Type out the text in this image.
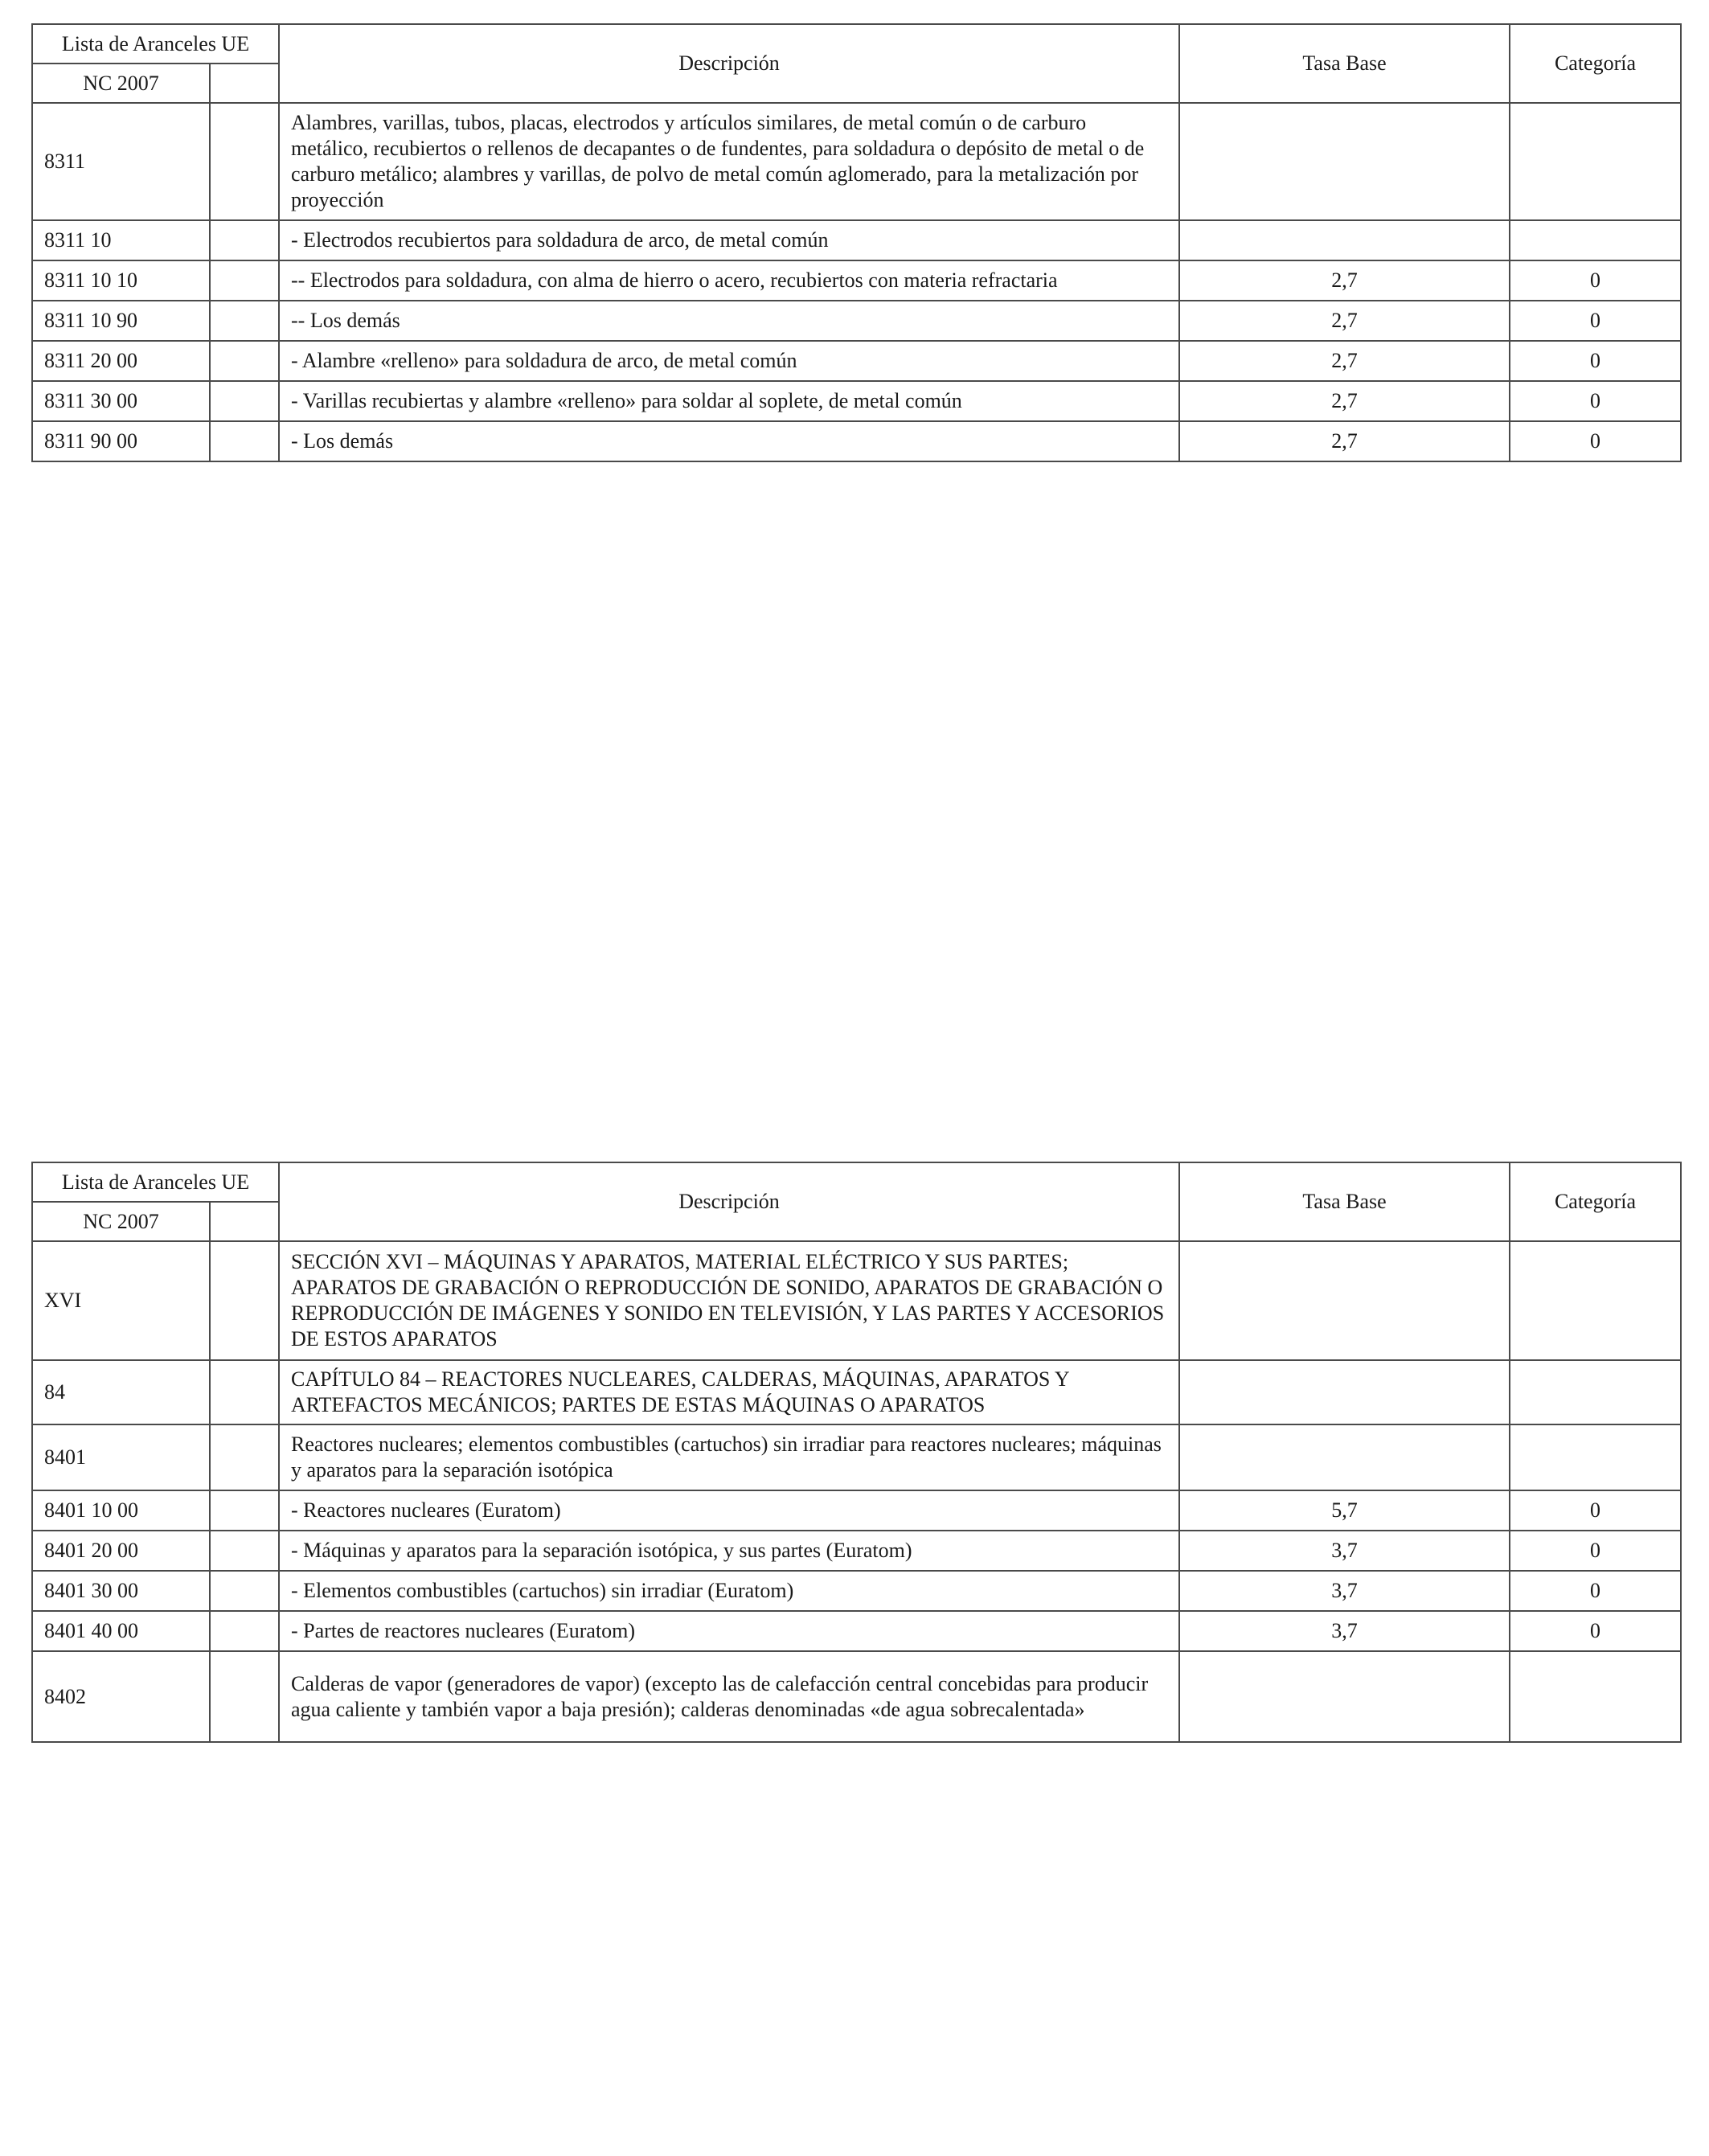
Lista de Aranceles UE		Descripción	Tasa Base	Categoría
NC 2007				
8311		Alambres, varillas, tubos, placas, electrodos y artículos similares, de metal común o de carburo metálico, recubiertos o rellenos de decapantes o de fundentes, para soldadura o depósito de metal o de carburo metálico; alambres y varillas, de polvo de metal común aglomerado, para la metalización por proyección		
8311 10		- Electrodos recubiertos para soldadura de arco, de metal común		
8311 10 10		-- Electrodos para soldadura, con alma de hierro o acero, recubiertos con materia refractaria	2,7	0
8311 10 90		-- Los demás	2,7	0
8311 20 00		- Alambre «relleno» para soldadura de arco, de metal común	2,7	0
8311 30 00		- Varillas recubiertas y alambre «relleno» para soldar al soplete, de metal común	2,7	0
8311 90 00		- Los demás	2,7	0
Lista de Aranceles UE		Descripción	Tasa Base	Categoría
NC 2007				
XVI		SECCIÓN XVI – MÁQUINAS Y APARATOS, MATERIAL ELÉCTRICO Y SUS PARTES; APARATOS DE GRABACIÓN O REPRODUCCIÓN DE SONIDO, APARATOS DE GRABACIÓN O REPRODUCCIÓN DE IMÁGENES Y SONIDO EN TELEVISIÓN, Y LAS PARTES Y ACCESORIOS DE ESTOS APARATOS		
84		CAPÍTULO 84 – REACTORES NUCLEARES, CALDERAS, MÁQUINAS, APARATOS Y ARTEFACTOS MECÁNICOS; PARTES DE ESTAS MÁQUINAS O APARATOS		
8401		Reactores nucleares; elementos combustibles (cartuchos) sin irradiar para reactores nucleares; máquinas y aparatos para la separación isotópica		
8401 10 00		- Reactores nucleares (Euratom)	5,7	0
8401 20 00		- Máquinas y aparatos para la separación isotópica, y sus partes (Euratom)	3,7	0
8401 30 00		- Elementos combustibles (cartuchos) sin irradiar (Euratom)	3,7	0
8401 40 00		- Partes de reactores nucleares (Euratom)	3,7	0
8402		Calderas de vapor (generadores de vapor) (excepto las de calefacción central concebidas para producir agua caliente y también vapor a baja presión); calderas denominadas «de agua sobrecalentada»		
